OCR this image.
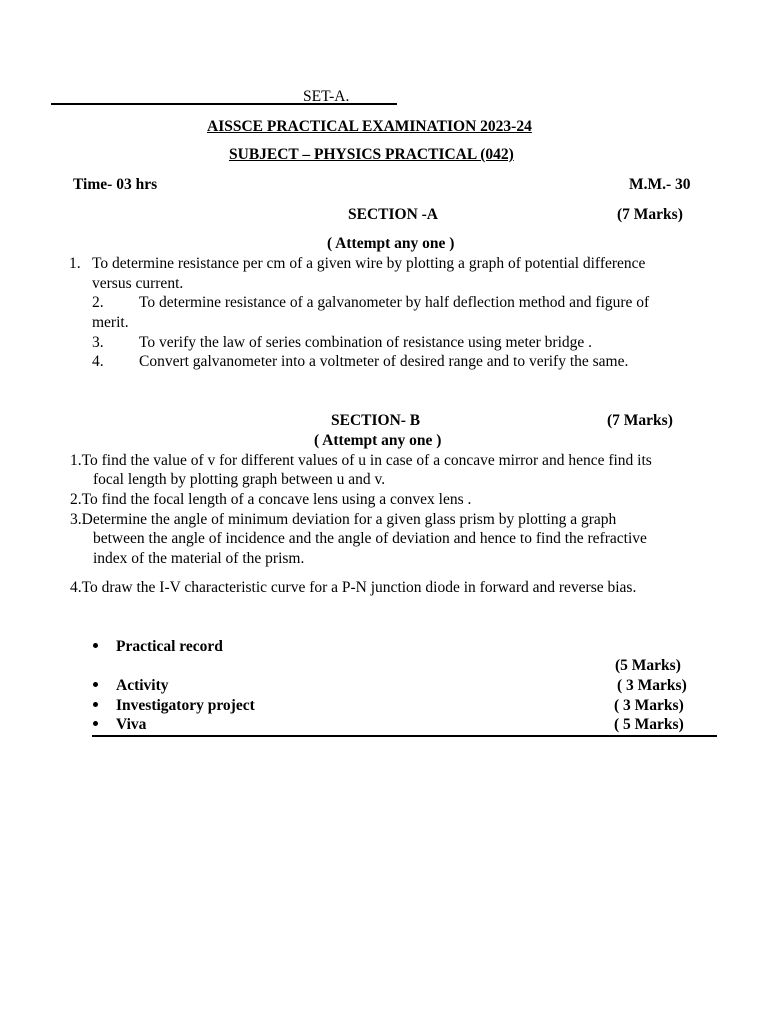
SET-A.
AISSCE PRACTICAL EXAMINATION 2023-24
SUBJECT – PHYSICS PRACTICAL (042)
Time- 03 hrs	M.M.- 30
SECTION -A	(7 Marks)
( Attempt any one )
1. To determine resistance per cm of a given wire by plotting a graph of potential difference
versus current.
2. To determine resistance of a galvanometer by half deflection method and figure of
merit.
3. To verify the law of series combination of resistance using meter bridge .
4. Convert galvanometer into a voltmeter of desired range and to verify the same.
SECTION- B	(7 Marks)
( Attempt any one )
1.To find the value of v for different values of u in case of a concave mirror and hence find its
focal length by plotting graph between u and v.
2.To find the focal length of a concave lens using a convex lens .
3.Determine the angle of minimum deviation for a given glass prism by plotting a graph
between the angle of incidence and the angle of deviation and hence to find the refractive
index of the material of the prism.
4.To draw the I-V characteristic curve for a P-N junction diode in forward and reverse bias.
Practical record
(5 Marks)
Activity	( 3 Marks)
Investigatory project	( 3 Marks)
Viva	( 5 Marks)
